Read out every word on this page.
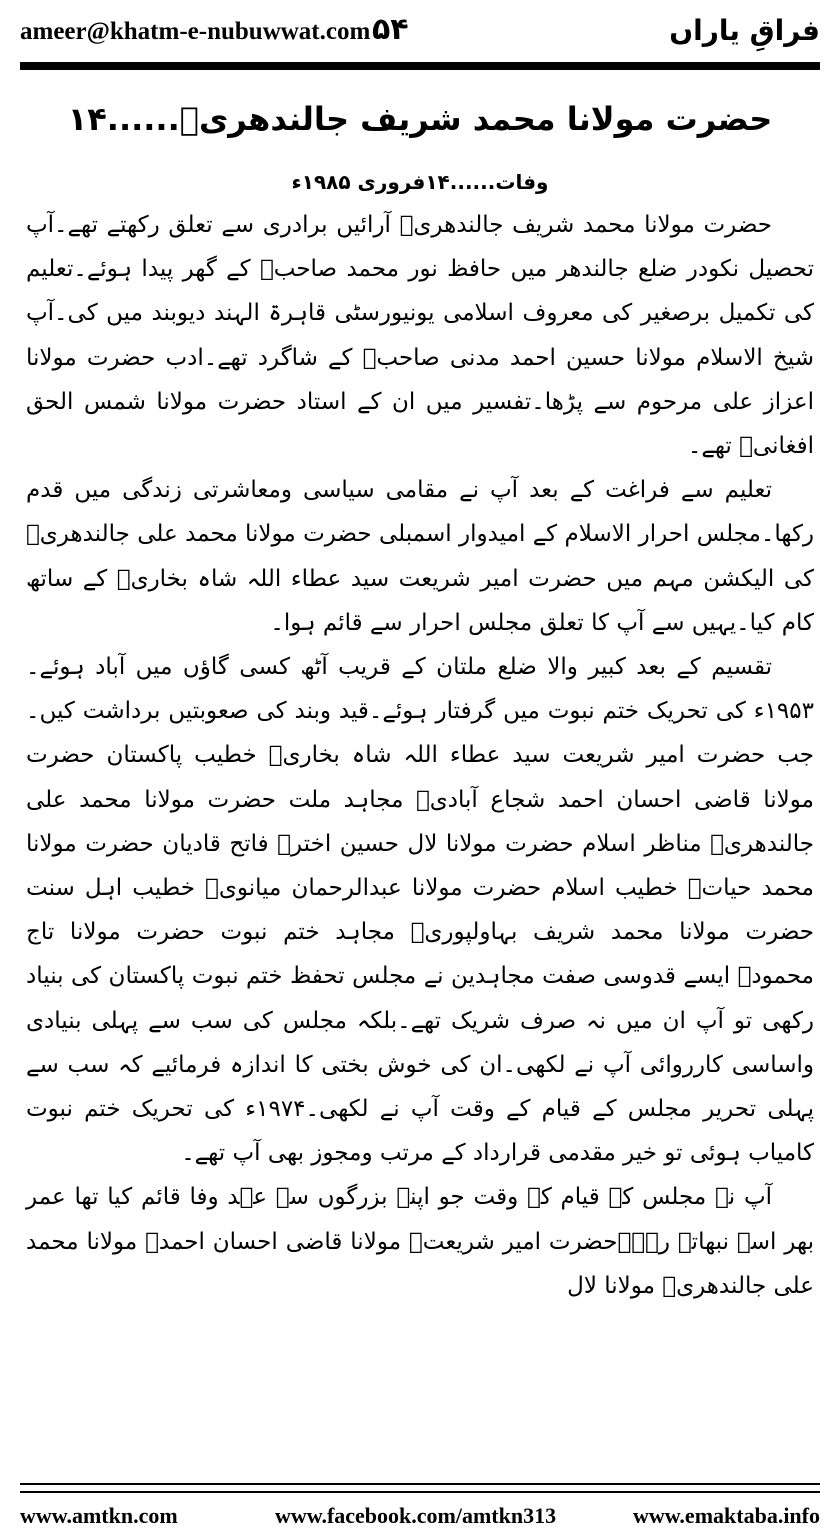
ameer@khatm-e-nubuwwat.com ۵۴	فراقِ یاراں
۱۴......حضرت مولانا محمد شریف جالندھریؒ
وفات......۱۴فروری ۱۹۸۵ء

حضرت مولانا محمد شریف جالندھریؒ آرائیں برادری سے تعلق رکھتے تھے۔آپ تحصیل نکودر ضلع جالندھر میں حافظ نور محمد صاحبؒ کے گھر پیدا ہوئے۔تعلیم کی تکمیل برصغیر کی معروف اسلامی یونیورسٹی قاہرۃ الہند دیوبند میں کی۔آپ شیخ الاسلام مولانا حسین احمد مدنی صاحبؒ کے شاگرد تھے۔ادب حضرت مولانا اعزاز علی مرحوم سے پڑھا۔تفسیر میں ان کے استاد حضرت مولانا شمس الحق افغانیؒ تھے۔

تعلیم سے فراغت کے بعد آپ نے مقامی سیاسی ومعاشرتی زندگی میں قدم رکھا۔مجلس احرار الاسلام کے امیدوار اسمبلی حضرت مولانا محمد علی جالندھریؒ کی الیکشن مہم میں حضرت امیر شریعت سید عطاء اللہ شاہ بخاریؒ کے ساتھ کام کیا۔یہیں سے آپ کا تعلق مجلس احرار سے قائم ہوا۔

تقسیم کے بعد کبیر والا ضلع ملتان کے قریب آٹھ کسی گاؤں میں آباد ہوئے۔۱۹۵۳ء کی تحریک ختم نبوت میں گرفتار ہوئے۔قید وبند کی صعوبتیں برداشت کیں۔جب حضرت امیر شریعت سید عطاء اللہ شاہ بخاریؒ خطیب پاکستان حضرت مولانا قاضی احسان احمد شجاع آبادیؒ مجاہد ملت حضرت مولانا محمد علی جالندھریؒ مناظر اسلام حضرت مولانا لال حسین اخترؒ فاتح قادیان حضرت مولانا محمد حیاتؒ خطیب اسلام حضرت مولانا عبدالرحمان میانویؒ خطیب اہل سنت حضرت مولانا محمد شریف بہاولپوریؒ مجاہد ختم نبوت حضرت مولانا تاج محمودؒ ایسے قدوسی صفت مجاہدین نے مجلس تحفظ ختم نبوت پاکستان کی بنیاد رکھی تو آپ ان میں نہ صرف شریک تھے۔بلکہ مجلس کی سب سے پہلی بنیادی واساسی کارروائی آپ نے لکھی۔ان کی خوش بختی کا اندازہ فرمائیے کہ سب سے پہلی تحریر مجلس کے قیام کے وقت آپ نے لکھی۔۱۹۷۴ء کی تحریک ختم نبوت کامیاب ہوئی تو خیر مقدمی قرارداد کے مرتب ومجوز بھی آپ تھے۔

آپ نے مجلس کے قیام کے وقت جو اپنے بزرگوں سے عہد وفا قائم کیا تھا عمر بھر اسے نبھاتے رہے۔حضرت امیر شریعتؒ مولانا قاضی احسان احمدؒ مولانا محمد علی جالندھریؒ مولانا لال

www.amtkn.com	www.facebook.com/amtkn313	www.emaktaba.info
